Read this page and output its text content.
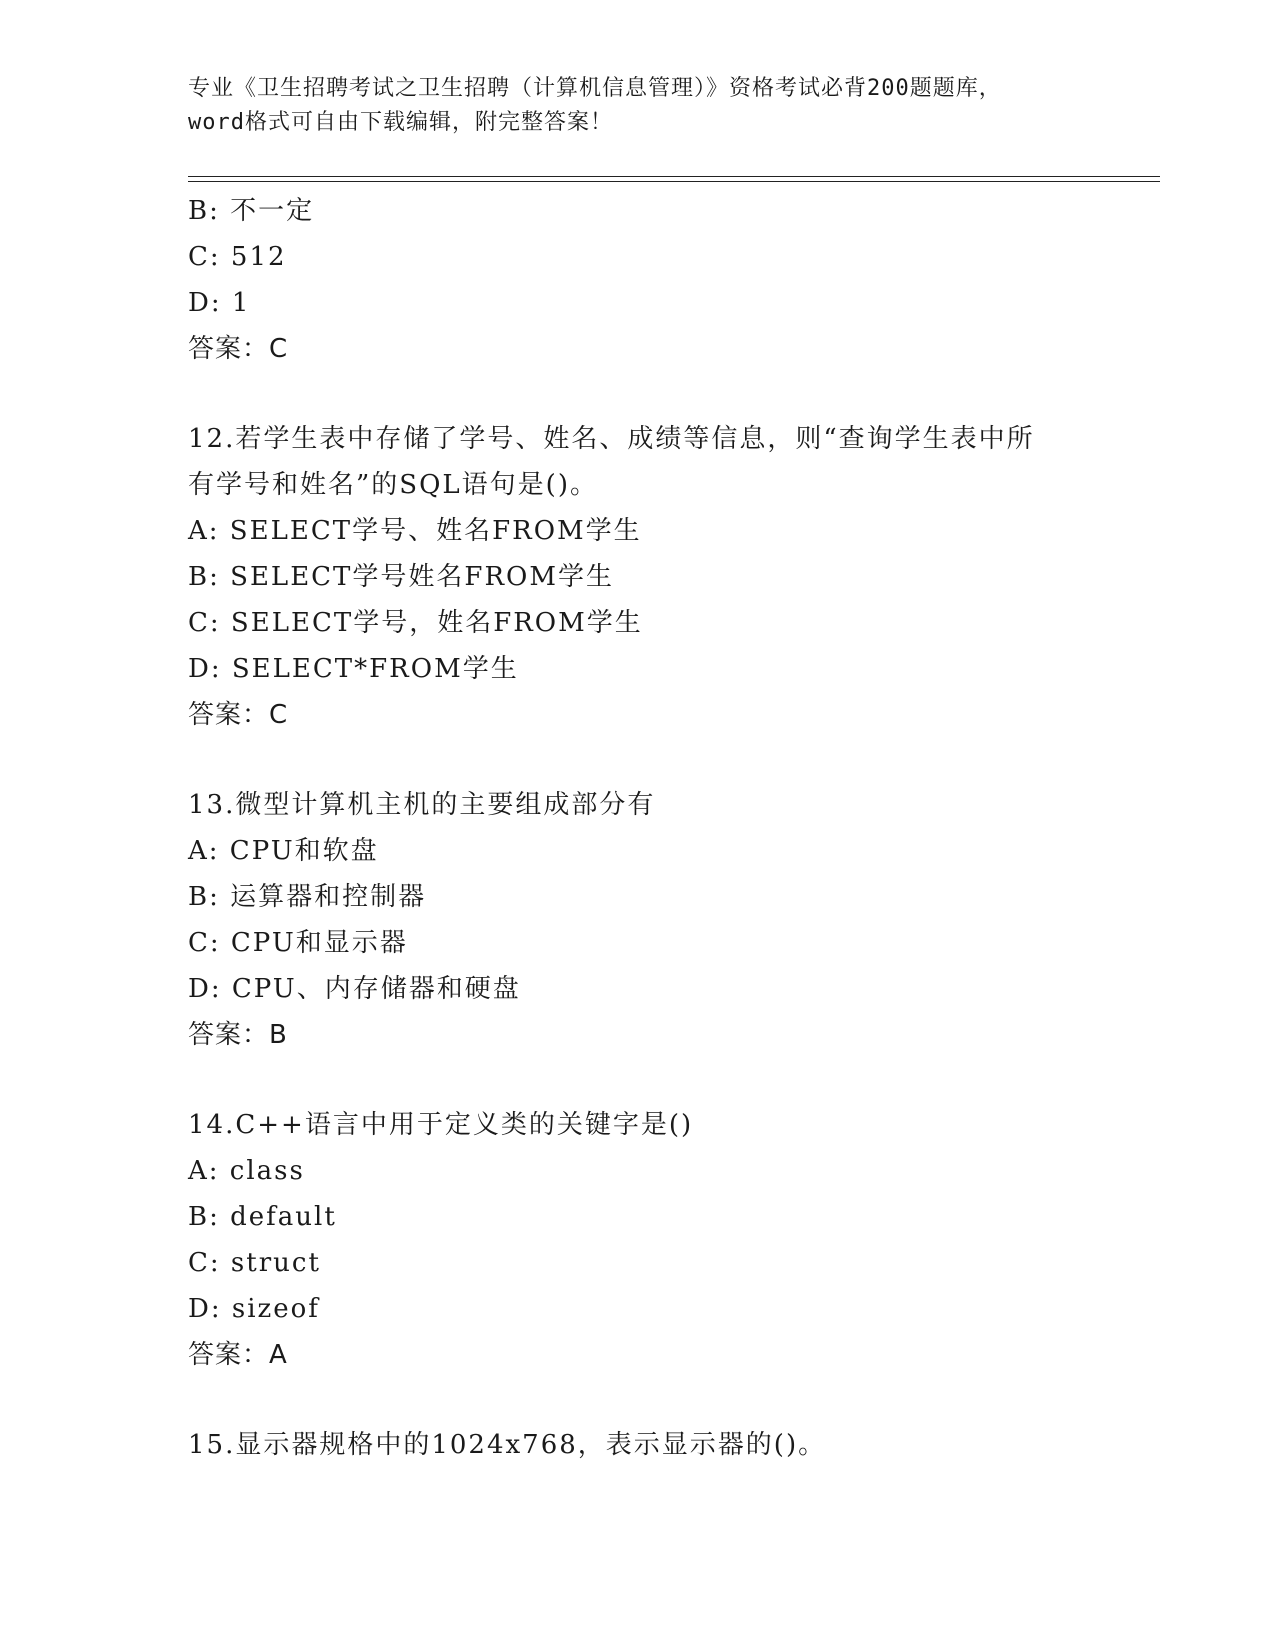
专业《卫生招聘考试之卫生招聘（计算机信息管理）》资格考试必背200题题库，
word格式可自由下载编辑，附完整答案！
B: 不一定
C: 512
D: 1
答案：C
12.若学生表中存储了学号、姓名、成绩等信息，则“查询学生表中所
有学号和姓名”的SQL语句是()。
A: SELECT学号、姓名FROM学生
B: SELECT学号姓名FROM学生
C: SELECT学号，姓名FROM学生
D: SELECT*FROM学生
答案：C
13.微型计算机主机的主要组成部分有
A: CPU和软盘
B: 运算器和控制器
C: CPU和显示器
D: CPU、内存储器和硬盘
答案：B
14.C++语言中用于定义类的关键字是()
A: class
B: default
C: struct
D: sizeof
答案：A
15.显示器规格中的1024x768，表示显示器的()。
